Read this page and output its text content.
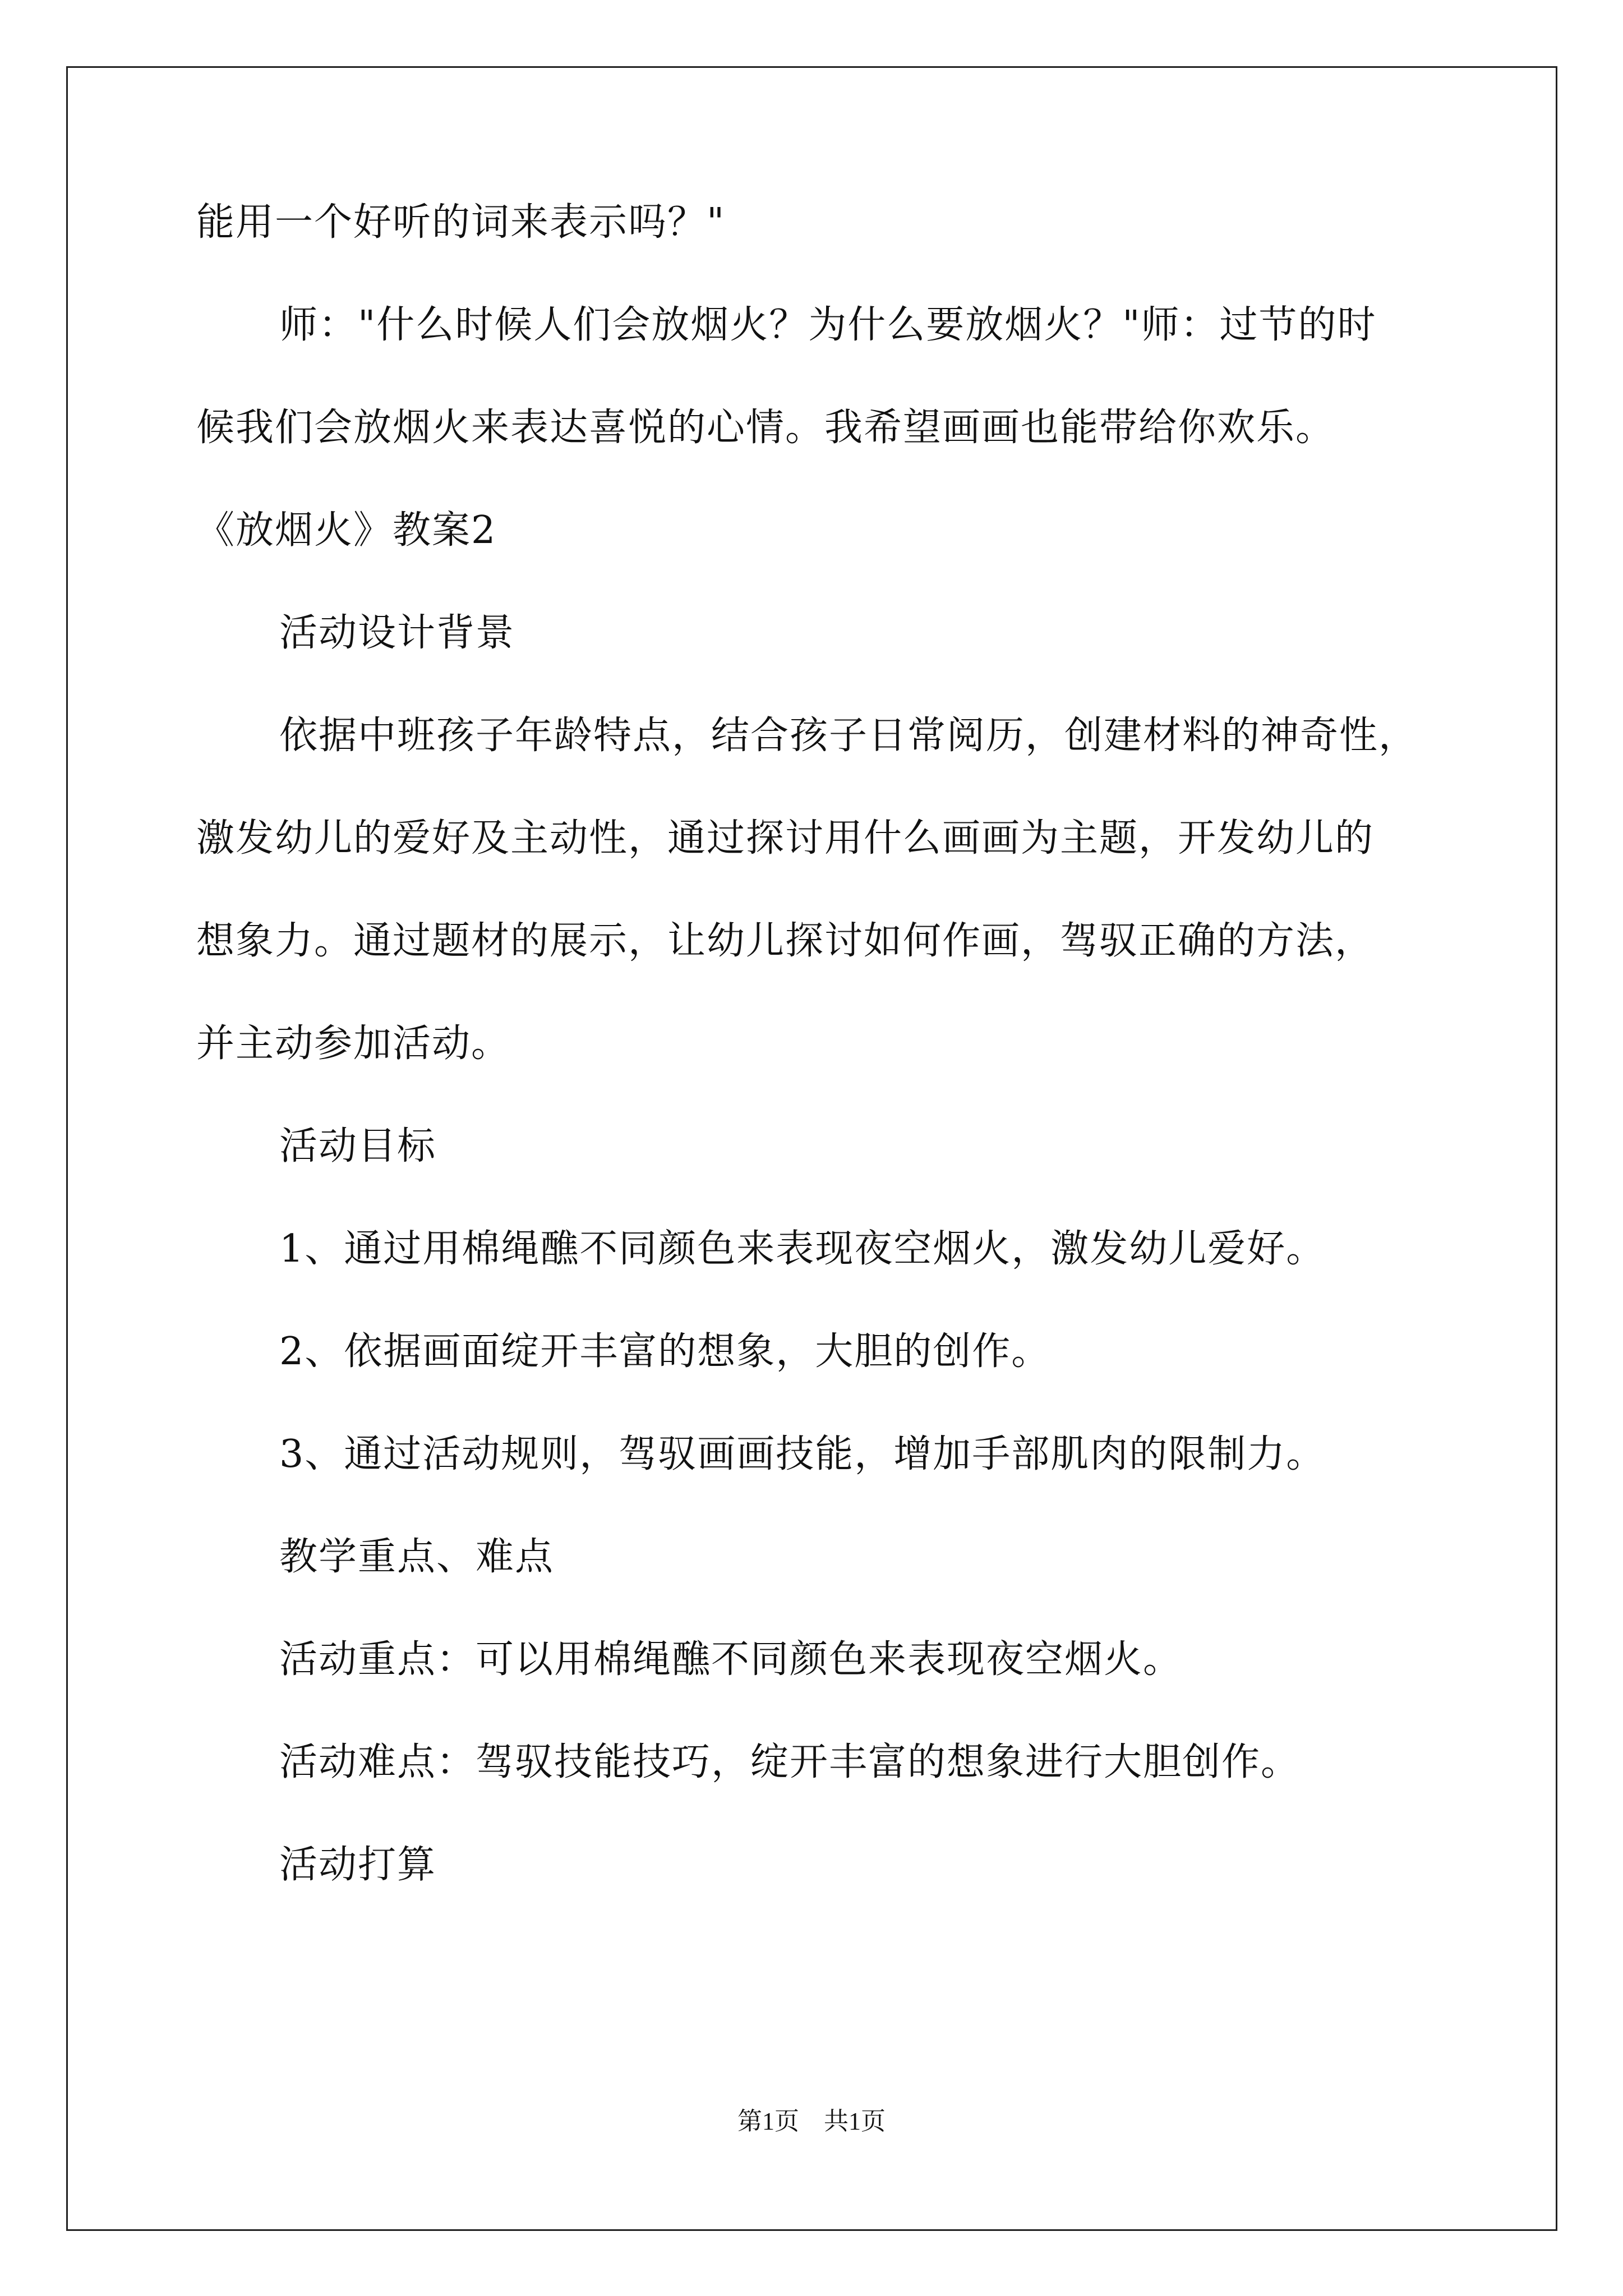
能用一个好听的词来表示吗？"
师："什么时候人们会放烟火？为什么要放烟火？"师：过节的时
候我们会放烟火来表达喜悦的心情。我希望画画也能带给你欢乐。
《放烟火》教案2
活动设计背景
依据中班孩子年龄特点，结合孩子日常阅历，创建材料的神奇性，
激发幼儿的爱好及主动性，通过探讨用什么画画为主题，开发幼儿的
想象力。通过题材的展示，让幼儿探讨如何作画，驾驭正确的方法，
并主动参加活动。
活动目标
1、通过用棉绳醮不同颜色来表现夜空烟火，激发幼儿爱好。
2、依据画面绽开丰富的想象，大胆的创作。
3、通过活动规则，驾驭画画技能，增加手部肌肉的限制力。
教学重点、难点
活动重点：可以用棉绳醮不同颜色来表现夜空烟火。
活动难点：驾驭技能技巧，绽开丰富的想象进行大胆创作。
活动打算
第1页　共1页
